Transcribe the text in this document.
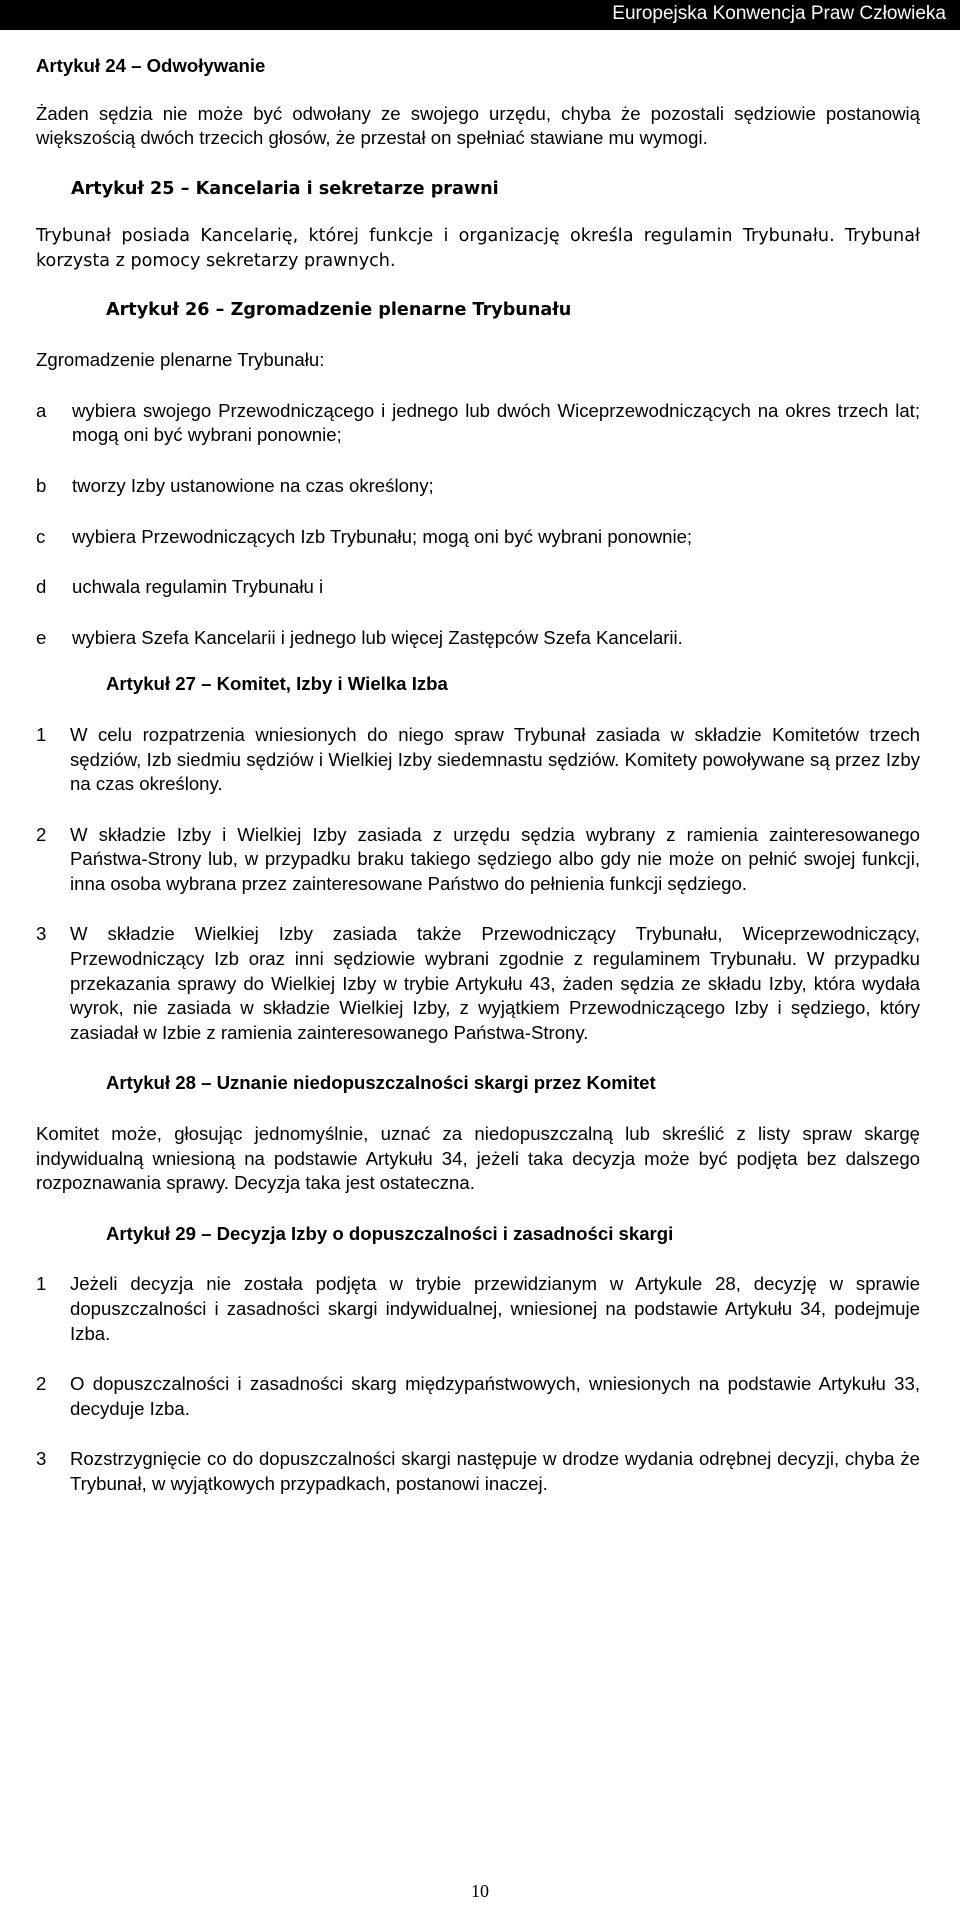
Europejska Konwencja Praw Człowieka
Artykuł 24 – Odwoływanie

Żaden sędzia nie może być odwołany ze swojego urzędu, chyba że pozostali sędziowie postanowią większością dwóch trzecich głosów, że przestał on spełniać stawiane mu wymogi.

Artykuł 25 – Kancelaria i sekretarze prawni

Trybunał posiada Kancelarię, której funkcje i organizację określa regulamin Trybunału. Trybunał korzysta z pomocy sekretarzy prawnych.

Artykuł 26 – Zgromadzenie plenarne Trybunału

Zgromadzenie plenarne Trybunału:

a	wybiera swojego Przewodniczącego i jednego lub dwóch Wiceprzewodniczących na okres trzech lat; mogą oni być wybrani ponownie;
b	tworzy Izby ustanowione na czas określony;
c	wybiera Przewodniczących Izb Trybunału; mogą oni być wybrani ponownie;
d	uchwala regulamin Trybunału i
e	wybiera Szefa Kancelarii i jednego lub więcej Zastępców Szefa Kancelarii.
Artykuł 27 – Komitet, Izby i Wielka Izba
1	W celu rozpatrzenia wniesionych do niego spraw Trybunał zasiada w składzie Komitetów trzech sędziów, Izb siedmiu sędziów i Wielkiej Izby siedemnastu sędziów. Komitety powoływane są przez Izby na czas określony.
2	W składzie Izby i Wielkiej Izby zasiada z urzędu sędzia wybrany z ramienia zainteresowanego Państwa-Strony lub, w przypadku braku takiego sędziego albo gdy nie może on pełnić swojej funkcji, inna osoba wybrana przez zainteresowane Państwo do pełnienia funkcji sędziego.
3	W składzie Wielkiej Izby zasiada także Przewodniczący Trybunału, Wiceprzewodniczący, Przewodniczący Izb oraz inni sędziowie wybrani zgodnie z regulaminem Trybunału. W przypadku przekazania sprawy do Wielkiej Izby w trybie Artykułu 43, żaden sędzia ze składu Izby, która wydała wyrok, nie zasiada w składzie Wielkiej Izby, z wyjątkiem Przewodniczącego Izby i sędziego, który zasiadał w Izbie z ramienia zainteresowanego Państwa-Strony.
Artykuł 28 – Uznanie niedopuszczalności skargi przez Komitet

Komitet może, głosując jednomyślnie, uznać za niedopuszczalną lub skreślić z listy spraw skargę indywidualną wniesioną na podstawie Artykułu 34, jeżeli taka decyzja może być podjęta bez dalszego rozpoznawania sprawy. Decyzja taka jest ostateczna.

Artykuł 29 – Decyzja Izby o dopuszczalności i zasadności skargi
1	Jeżeli decyzja nie została podjęta w trybie przewidzianym w Artykule 28, decyzję w sprawie dopuszczalności i zasadności skargi indywidualnej, wniesionej na podstawie Artykułu 34, podejmuje Izba.
2	O dopuszczalności i zasadności skarg międzypaństwowych, wniesionych na podstawie Artykułu 33, decyduje Izba.
3	Rozstrzygnięcie co do dopuszczalności skargi następuje w drodze wydania odrębnej decyzji, chyba że Trybunał, w wyjątkowych przypadkach, postanowi inaczej.
10
